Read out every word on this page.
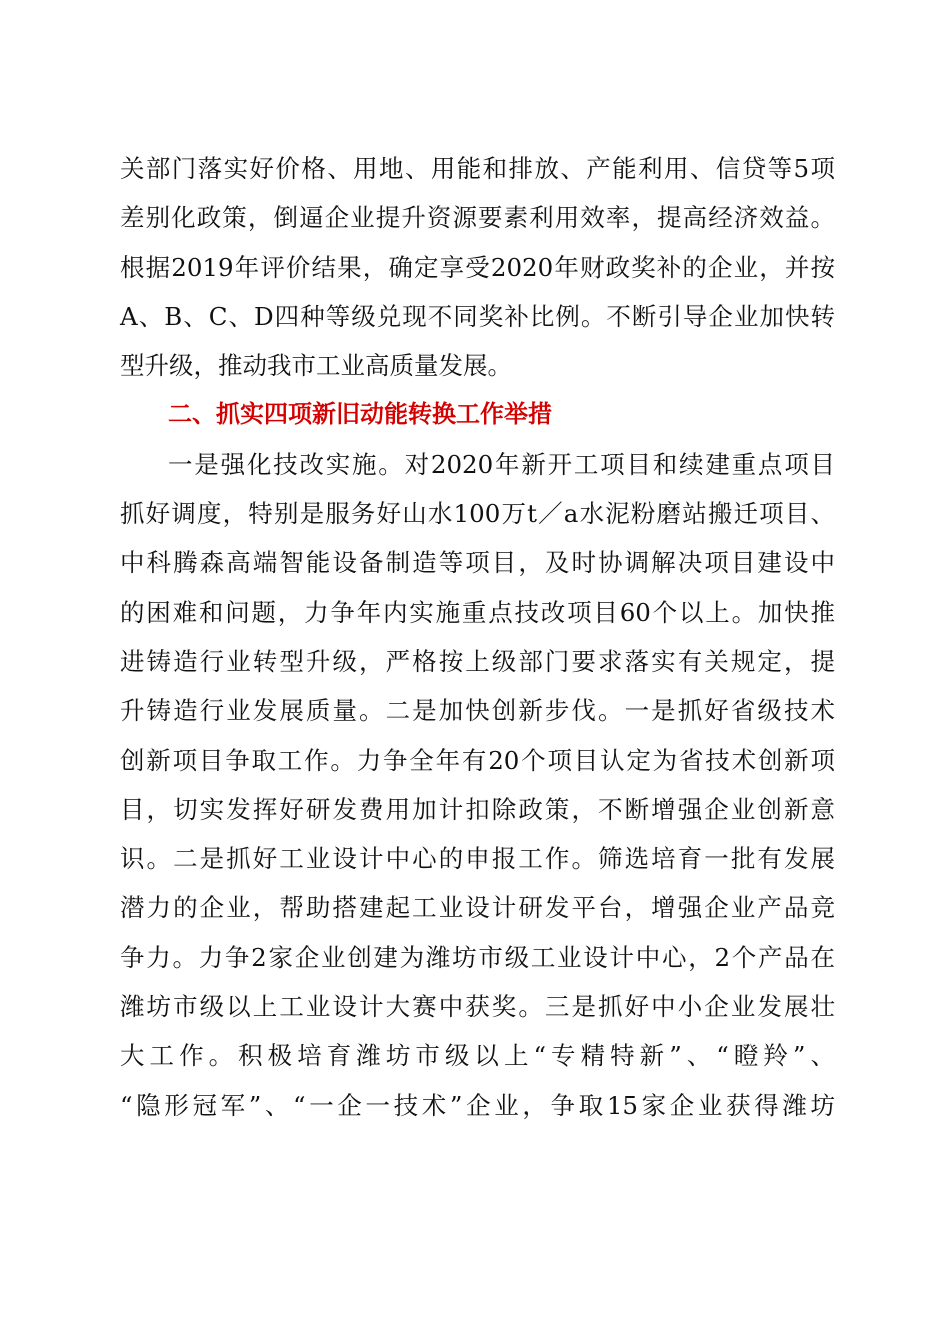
关部门落实好价格、用地、用能和排放、产能利用、信贷等5项
差别化政策，倒逼企业提升资源要素利用效率，提高经济效益。
根据2019年评价结果，确定享受2020年财政奖补的企业，并按
A、B、C、D四种等级兑现不同奖补比例。不断引导企业加快转
型升级，推动我市工业高质量发展。
二、抓实四项新旧动能转换工作举措
一是强化技改实施。对2020年新开工项目和续建重点项目
抓好调度，特别是服务好山水100万t／a水泥粉磨站搬迁项目、
中科腾森高端智能设备制造等项目，及时协调解决项目建设中
的困难和问题，力争年内实施重点技改项目60个以上。加快推
进铸造行业转型升级，严格按上级部门要求落实有关规定，提
升铸造行业发展质量。二是加快创新步伐。一是抓好省级技术
创新项目争取工作。力争全年有20个项目认定为省技术创新项
目，切实发挥好研发费用加计扣除政策，不断增强企业创新意
识。二是抓好工业设计中心的申报工作。筛选培育一批有发展
潜力的企业，帮助搭建起工业设计研发平台，增强企业产品竞
争力。力争2家企业创建为潍坊市级工业设计中心，2个产品在
潍坊市级以上工业设计大赛中获奖。三是抓好中小企业发展壮
大工作。积极培育潍坊市级以上“专精特新”、“瞪羚”、
“隐形冠军”、“一企一技术”企业，争取15家企业获得潍坊
